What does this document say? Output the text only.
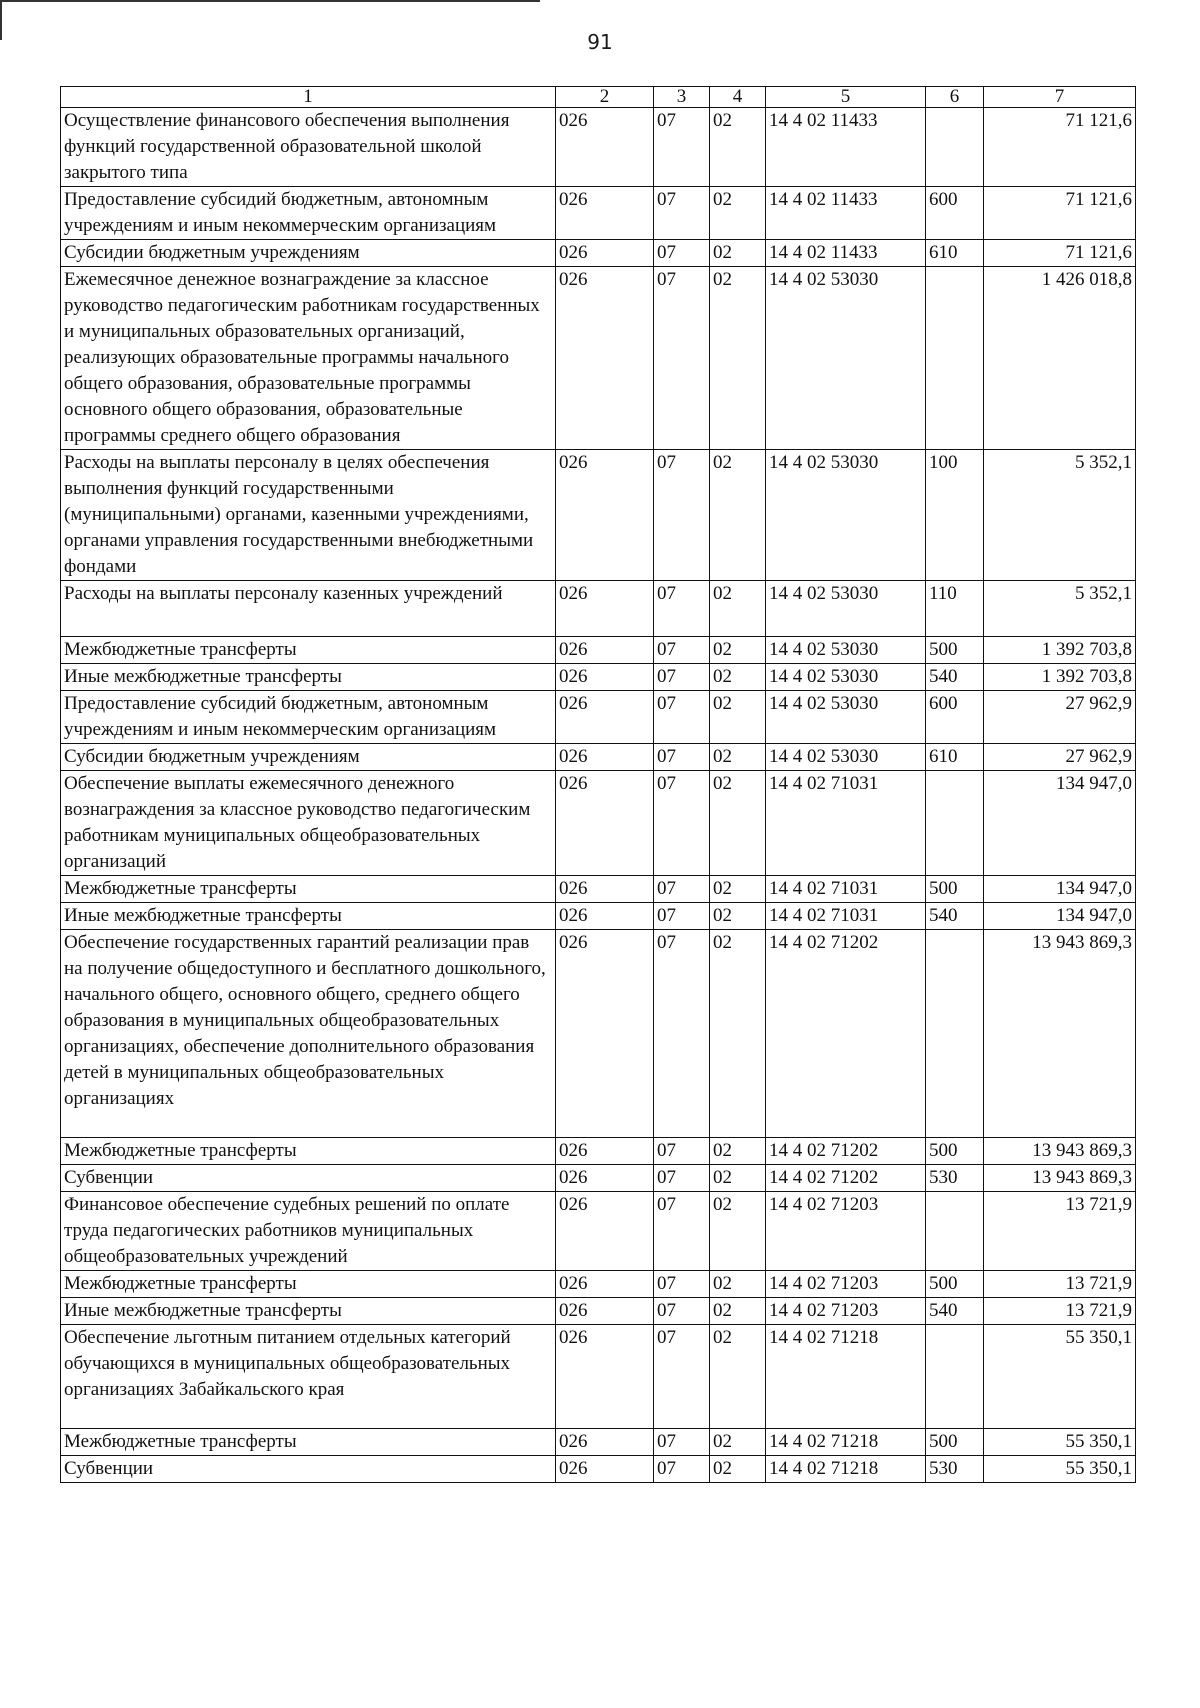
91
1	2	3	4	5	6	7
Осуществление финансового обеспечения выполнения функций государственной образовательной школой закрытого типа	026	07	02	14 4 02 11433		71 121,6
Предоставление субсидий бюджетным, автономным учреждениям и иным некоммерческим организациям	026	07	02	14 4 02 11433	600	71 121,6
Субсидии бюджетным учреждениям	026	07	02	14 4 02 11433	610	71 121,6
Ежемесячное денежное вознаграждение за классное руководство педагогическим работникам государственных и муниципальных образовательных организаций, реализующих образовательные программы начального общего образования, образовательные программы основного общего образования, образовательные программы среднего общего образования	026	07	02	14 4 02 53030		1 426 018,8
Расходы на выплаты персоналу в целях обеспечения выполнения функций государственными (муниципальными) органами, казенными учреждениями, органами управления государственными внебюджетными фондами	026	07	02	14 4 02 53030	100	5 352,1
Расходы на выплаты персоналу казенных учреждений	026	07	02	14 4 02 53030	110	5 352,1
Межбюджетные трансферты	026	07	02	14 4 02 53030	500	1 392 703,8
Иные межбюджетные трансферты	026	07	02	14 4 02 53030	540	1 392 703,8
Предоставление субсидий бюджетным, автономным учреждениям и иным некоммерческим организациям	026	07	02	14 4 02 53030	600	27 962,9
Субсидии бюджетным учреждениям	026	07	02	14 4 02 53030	610	27 962,9
Обеспечение выплаты ежемесячного денежного вознаграждения за классное руководство педагогическим работникам муниципальных общеобразовательных организаций	026	07	02	14 4 02 71031		134 947,0
Межбюджетные трансферты	026	07	02	14 4 02 71031	500	134 947,0
Иные межбюджетные трансферты	026	07	02	14 4 02 71031	540	134 947,0
Обеспечение государственных гарантий реализации прав на получение общедоступного и бесплатного дошкольного, начального общего, основного общего, среднего общего образования в муниципальных общеобразовательных организациях, обеспечение дополнительного образования детей в муниципальных общеобразовательных организациях	026	07	02	14 4 02 71202		13 943 869,3
Межбюджетные трансферты	026	07	02	14 4 02 71202	500	13 943 869,3
Субвенции	026	07	02	14 4 02 71202	530	13 943 869,3
Финансовое обеспечение судебных решений по оплате труда педагогических работников муниципальных общеобразовательных учреждений	026	07	02	14 4 02 71203		13 721,9
Межбюджетные трансферты	026	07	02	14 4 02 71203	500	13 721,9
Иные межбюджетные трансферты	026	07	02	14 4 02 71203	540	13 721,9
Обеспечение льготным питанием отдельных категорий обучающихся в муниципальных общеобразовательных организациях Забайкальского края	026	07	02	14 4 02 71218		55 350,1
Межбюджетные трансферты	026	07	02	14 4 02 71218	500	55 350,1
Субвенции	026	07	02	14 4 02 71218	530	55 350,1
